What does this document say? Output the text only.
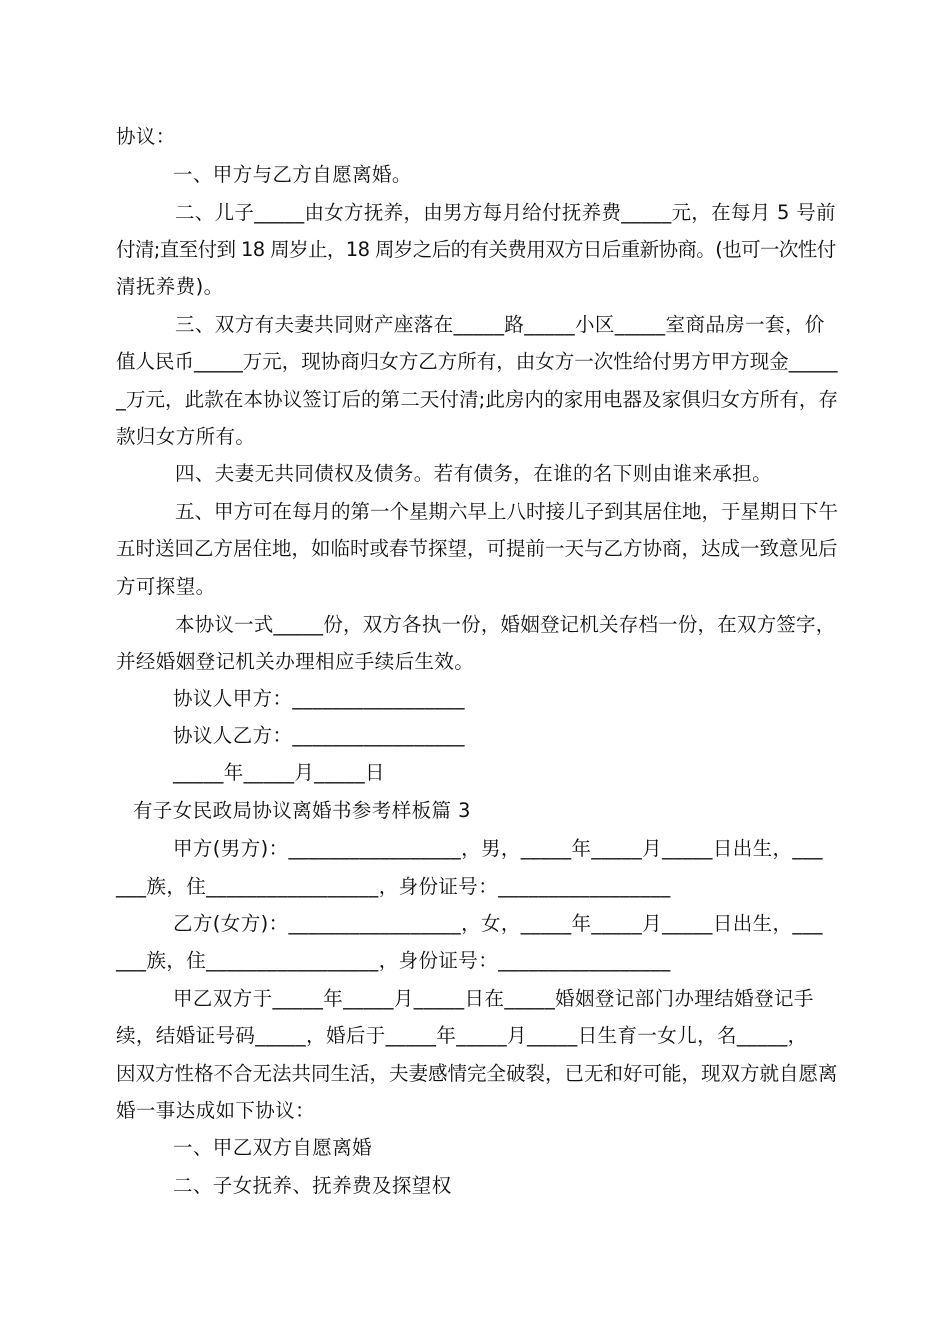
协议：

一、甲方与乙方自愿离婚。

二、儿子_____由女方抚养，由男方每月给付抚养费_____元，在每月 5 号前

付清;直至付到 18 周岁止，18 周岁之后的有关费用双方日后重新协商。(也可一次性付

清抚养费)。

三、双方有夫妻共同财产座落在_____路_____小区_____室商品房一套，价

值人民币_____万元，现协商归女方乙方所有，由女方一次性给付男方甲方现金_____

_万元，此款在本协议签订后的第二天付清;此房内的家用电器及家俱归女方所有，存

款归女方所有。

四、夫妻无共同债权及债务。若有债务，在谁的名下则由谁来承担。

五、甲方可在每月的第一个星期六早上八时接儿子到其居住地，于星期日下午

五时送回乙方居住地，如临时或春节探望，可提前一天与乙方协商，达成一致意见后

方可探望。

本协议一式_____份，双方各执一份，婚姻登记机关存档一份，在双方签字，

并经婚姻登记机关办理相应手续后生效。

协议人甲方：_________________

协议人乙方：_________________

_____年_____月_____日

有子女民政局协议离婚书参考样板篇 3

甲方(男方)：_________________，男，_____年_____月_____日出生，___

___族，住_________________，身份证号：_________________

乙方(女方)：_________________，女，_____年_____月_____日出生，___

___族，住_________________，身份证号：_________________

甲乙双方于_____年_____月_____日在_____婚姻登记部门办理结婚登记手

续，结婚证号码_____，婚后于_____年_____月_____日生育一女儿，名_____，

因双方性格不合无法共同生活，夫妻感情完全破裂，已无和好可能，现双方就自愿离

婚一事达成如下协议：

一、甲乙双方自愿离婚

二、子女抚养、抚养费及探望权
